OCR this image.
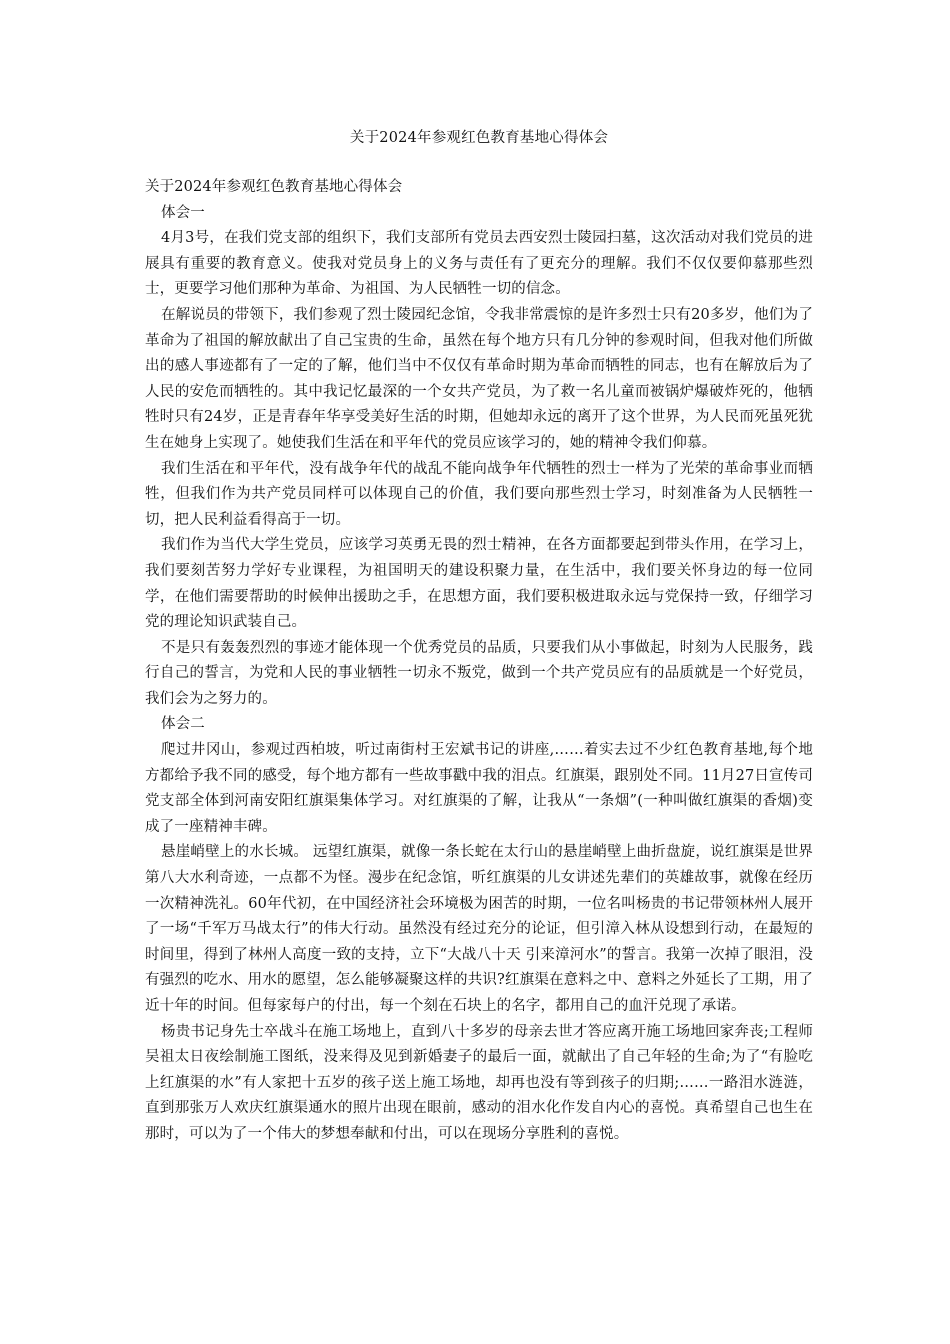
关于2024年参观红色教育基地心得体会

关于2024年参观红色教育基地心得体会

体会一

4月3号，在我们党支部的组织下，我们支部所有党员去西安烈士陵园扫墓，这次活动对我们党员的进展具有重要的教育意义。使我对党员身上的义务与责任有了更充分的理解。我们不仅仅要仰慕那些烈士，更要学习他们那种为革命、为祖国、为人民牺牲一切的信念。

在解说员的带领下，我们参观了烈士陵园纪念馆，令我非常震惊的是许多烈士只有20多岁，他们为了革命为了祖国的解放献出了自己宝贵的生命，虽然在每个地方只有几分钟的参观时间，但我对他们所做出的感人事迹都有了一定的了解，他们当中不仅仅有革命时期为革命而牺牲的同志，也有在解放后为了人民的安危而牺牲的。其中我记忆最深的一个女共产党员，为了救一名儿童而被锅炉爆破炸死的，他牺牲时只有24岁，正是青春年华享受美好生活的时期，但她却永远的离开了这个世界，为人民而死虽死犹生在她身上实现了。她使我们生活在和平年代的党员应该学习的，她的精神令我们仰慕。

我们生活在和平年代，没有战争年代的战乱不能向战争年代牺牲的烈士一样为了光荣的革命事业而牺牲，但我们作为共产党员同样可以体现自己的价值，我们要向那些烈士学习，时刻准备为人民牺牲一切，把人民利益看得高于一切。

我们作为当代大学生党员，应该学习英勇无畏的烈士精神，在各方面都要起到带头作用，在学习上，我们要刻苦努力学好专业课程，为祖国明天的建设积聚力量，在生活中，我们要关怀身边的每一位同学，在他们需要帮助的时候伸出援助之手，在思想方面，我们要积极进取永远与党保持一致，仔细学习党的理论知识武装自己。

不是只有轰轰烈烈的事迹才能体现一个优秀党员的品质，只要我们从小事做起，时刻为人民服务，践行自己的誓言，为党和人民的事业牺牲一切永不叛党，做到一个共产党员应有的品质就是一个好党员，我们会为之努力的。

体会二

爬过井冈山，参观过西柏坡，听过南街村王宏斌书记的讲座,……着实去过不少红色教育基地,每个地方都给予我不同的感受，每个地方都有一些故事戳中我的泪点。红旗渠，跟别处不同。11月27日宣传司党支部全体到河南安阳红旗渠集体学习。对红旗渠的了解，让我从“一条烟”(一种叫做红旗渠的香烟)变成了一座精神丰碑。

悬崖峭壁上的水长城。 远望红旗渠，就像一条长蛇在太行山的悬崖峭壁上曲折盘旋，说红旗渠是世界第八大水利奇迹，一点都不为怪。漫步在纪念馆，听红旗渠的儿女讲述先辈们的英雄故事，就像在经历一次精神洗礼。60年代初，在中国经济社会环境极为困苦的时期，一位名叫杨贵的书记带领林州人展开了一场“千军万马战太行”的伟大行动。虽然没有经过充分的论证，但引漳入林从设想到行动，在最短的时间里，得到了林州人高度一致的支持，立下“大战八十天 引来漳河水”的誓言。我第一次掉了眼泪，没有强烈的吃水、用水的愿望，怎么能够凝聚这样的共识?红旗渠在意料之中、意料之外延长了工期，用了近十年的时间。但每家每户的付出，每一个刻在石块上的名字，都用自己的血汗兑现了承诺。

杨贵书记身先士卒战斗在施工场地上，直到八十多岁的母亲去世才答应离开施工场地回家奔丧;工程师吴祖太日夜绘制施工图纸，没来得及见到新婚妻子的最后一面，就献出了自己年轻的生命;为了“有脸吃上红旗渠的水”有人家把十五岁的孩子送上施工场地，却再也没有等到孩子的归期;……一路泪水涟涟，直到那张万人欢庆红旗渠通水的照片出现在眼前，感动的泪水化作发自内心的喜悦。真希望自己也生在那时，可以为了一个伟大的梦想奉献和付出，可以在现场分享胜利的喜悦。
